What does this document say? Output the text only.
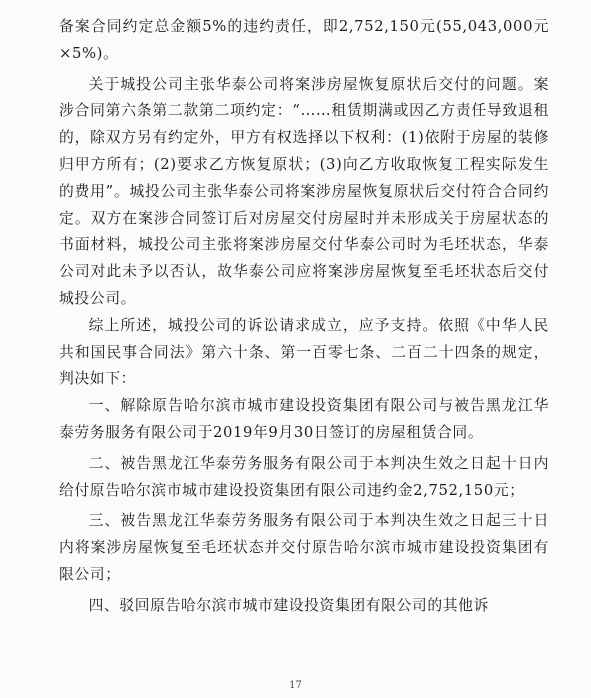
备案合同约定总金额5%的违约责任，即2,752,150元(55,043,000元×5%)。

关于城投公司主张华泰公司将案涉房屋恢复原状后交付的问题。案涉合同第六条第二款第二项约定：“……租赁期满或因乙方责任导致退租的，除双方另有约定外，甲方有权选择以下权利：(1)依附于房屋的装修归甲方所有；(2)要求乙方恢复原状；(3)向乙方收取恢复工程实际发生的费用”。城投公司主张华泰公司将案涉房屋恢复原状后交付符合合同约定。双方在案涉合同签订后对房屋交付房屋时并未形成关于房屋状态的书面材料，城投公司主张将案涉房屋交付华泰公司时为毛坯状态，华泰公司对此未予以否认，故华泰公司应将案涉房屋恢复至毛坯状态后交付城投公司。

综上所述，城投公司的诉讼请求成立，应予支持。依照《中华人民共和国民事合同法》第六十条、第一百零七条、二百二十四条的规定，判决如下：

一、解除原告哈尔滨市城市建设投资集团有限公司与被告黑龙江华泰劳务服务有限公司于2019年9月30日签订的房屋租赁合同。

二、被告黑龙江华泰劳务服务有限公司于本判决生效之日起十日内给付原告哈尔滨市城市建设投资集团有限公司违约金2,752,150元；

三、被告黑龙江华泰劳务服务有限公司于本判决生效之日起三十日内将案涉房屋恢复至毛坯状态并交付原告哈尔滨市城市建设投资集团有限公司；

四、驳回原告哈尔滨市城市建设投资集团有限公司的其他诉

17
